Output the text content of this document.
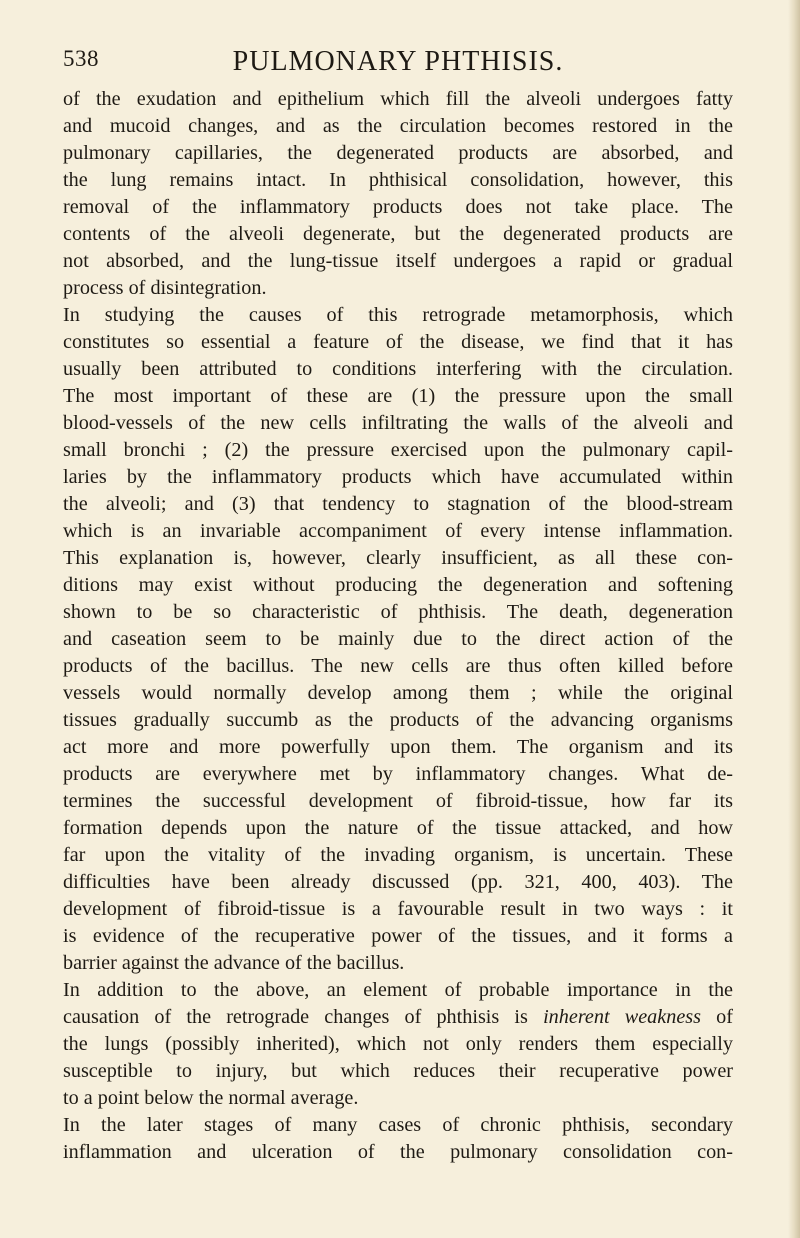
538	PULMONARY PHTHISIS.
of the exudation and epithelium which fill the alveoli undergoes fatty
and mucoid changes, and as the circulation becomes restored in the
pulmonary capillaries, the degenerated products are absorbed, and
the lung remains intact. In phthisical consolidation, however, this
removal of the inflammatory products does not take place. The
contents of the alveoli degenerate, but the degenerated products are
not absorbed, and the lung-tissue itself undergoes a rapid or gradual
process of disintegration.
In studying the causes of this retrograde metamorphosis, which
constitutes so essential a feature of the disease, we find that it has
usually been attributed to conditions interfering with the circulation.
The most important of these are (1) the pressure upon the small
blood-vessels of the new cells infiltrating the walls of the alveoli and
small bronchi ; (2) the pressure exercised upon the pulmonary capil-
laries by the inflammatory products which have accumulated within
the alveoli; and (3) that tendency to stagnation of the blood-stream
which is an invariable accompaniment of every intense inflammation.
This explanation is, however, clearly insufficient, as all these con-
ditions may exist without producing the degeneration and softening
shown to be so characteristic of phthisis. The death, degeneration
and caseation seem to be mainly due to the direct action of the
products of the bacillus. The new cells are thus often killed before
vessels would normally develop among them ; while the original
tissues gradually succumb as the products of the advancing organisms
act more and more powerfully upon them. The organism and its
products are everywhere met by inflammatory changes. What de-
termines the successful development of fibroid-tissue, how far its
formation depends upon the nature of the tissue attacked, and how
far upon the vitality of the invading organism, is uncertain. These
difficulties have been already discussed (pp. 321, 400, 403). The
development of fibroid-tissue is a favourable result in two ways : it
is evidence of the recuperative power of the tissues, and it forms a
barrier against the advance of the bacillus.
In addition to the above, an element of probable importance in the
causation of the retrograde changes of phthisis is inherent weakness of
the lungs (possibly inherited), which not only renders them especially
susceptible to injury, but which reduces their recuperative power
to a point below the normal average.
In the later stages of many cases of chronic phthisis, secondary
inflammation and ulceration of the pulmonary consolidation con-
